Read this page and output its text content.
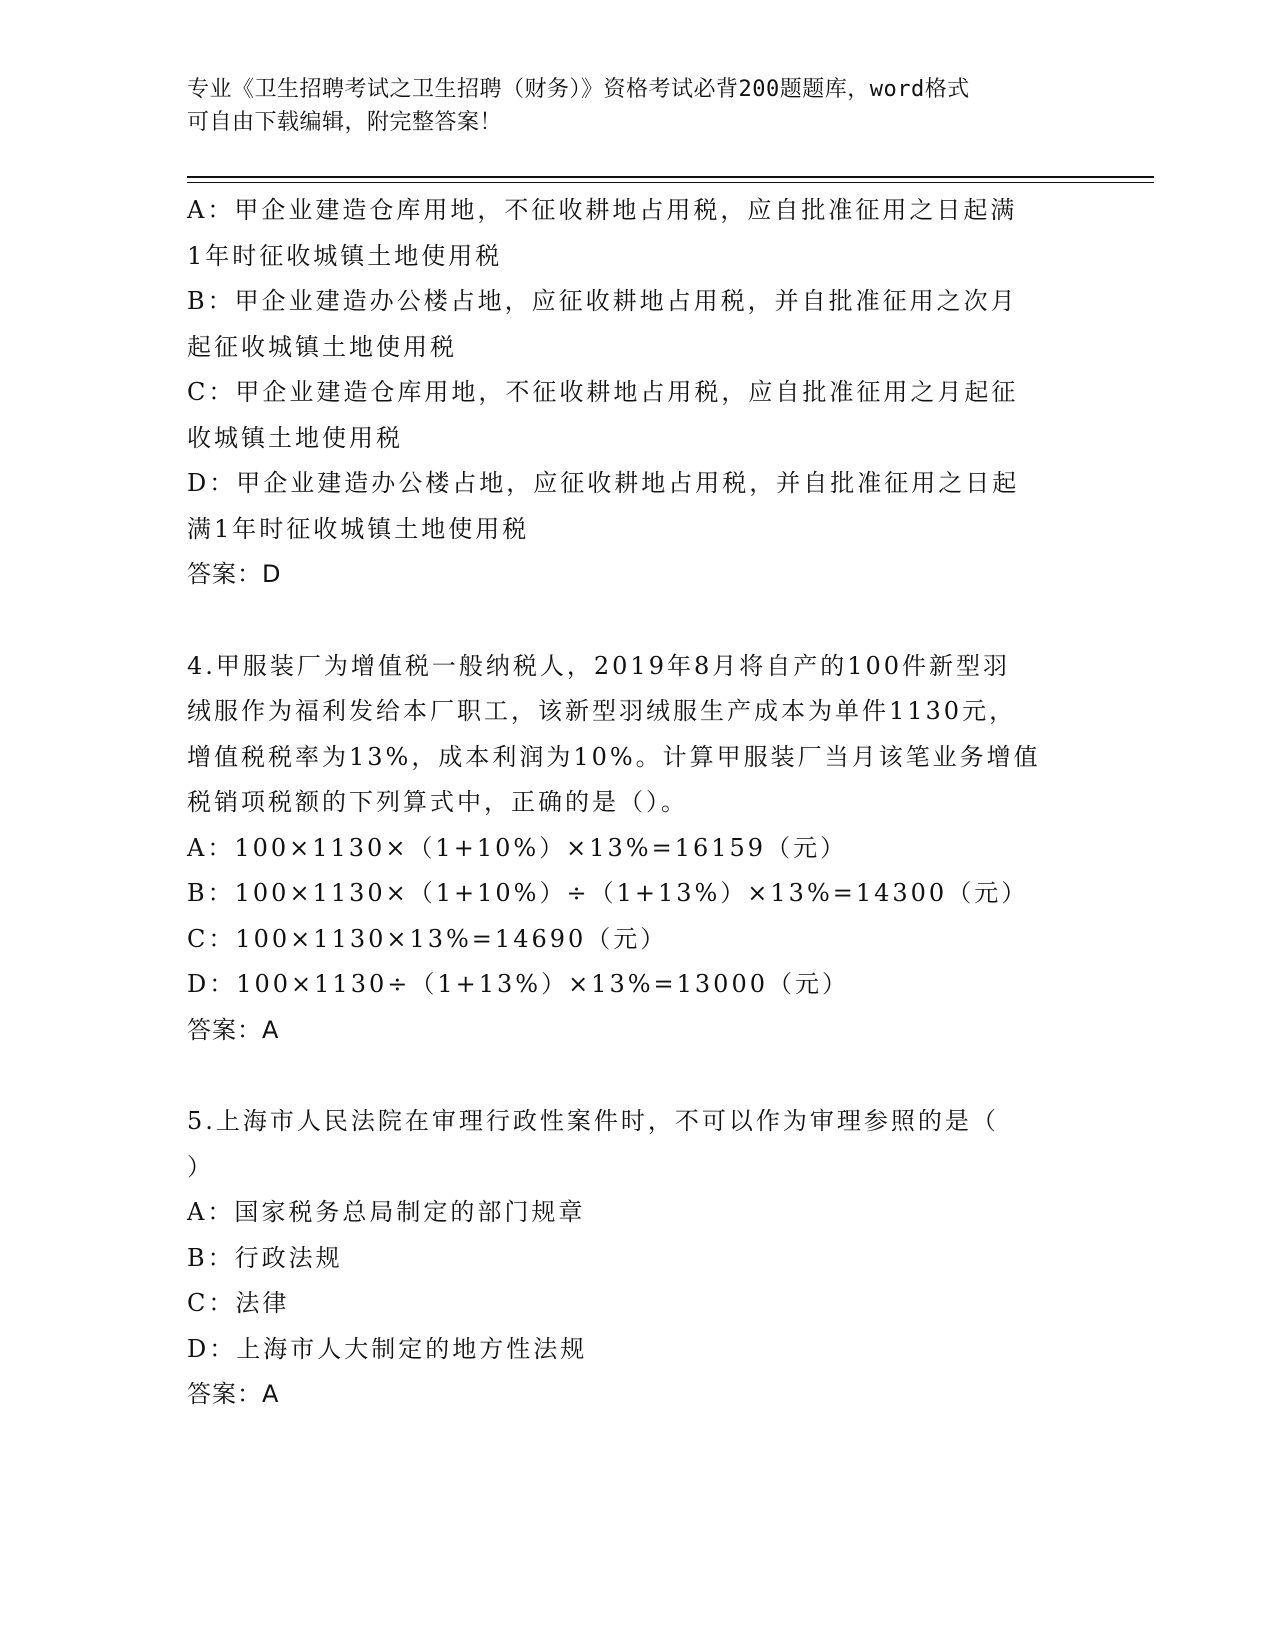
专业《卫生招聘考试之卫生招聘（财务）》资格考试必背200题题库，word格式
可自由下载编辑，附完整答案！
A：甲企业建造仓库用地，不征收耕地占用税，应自批准征用之日起满
1年时征收城镇土地使用税
B：甲企业建造办公楼占地，应征收耕地占用税，并自批准征用之次月
起征收城镇土地使用税
C：甲企业建造仓库用地，不征收耕地占用税，应自批准征用之月起征
收城镇土地使用税
D：甲企业建造办公楼占地，应征收耕地占用税，并自批准征用之日起
满1年时征收城镇土地使用税
答案：D
4.甲服装厂为增值税一般纳税人，2019年8月将自产的100件新型羽
绒服作为福利发给本厂职工，该新型羽绒服生产成本为单件1130元，
增值税税率为13%，成本利润为10%。计算甲服装厂当月该笔业务增值
税销项税额的下列算式中，正确的是（）。
A：100×1130×（1+10%）×13%=16159（元）
B：100×1130×（1+10%）÷（1+13%）×13%=14300（元）
C：100×1130×13%=14690（元）
D：100×1130÷（1+13%）×13%=13000（元）
答案：A
5.上海市人民法院在审理行政性案件时，不可以作为审理参照的是（
）
A：国家税务总局制定的部门规章
B：行政法规
C：法律
D：上海市人大制定的地方性法规
答案：A
